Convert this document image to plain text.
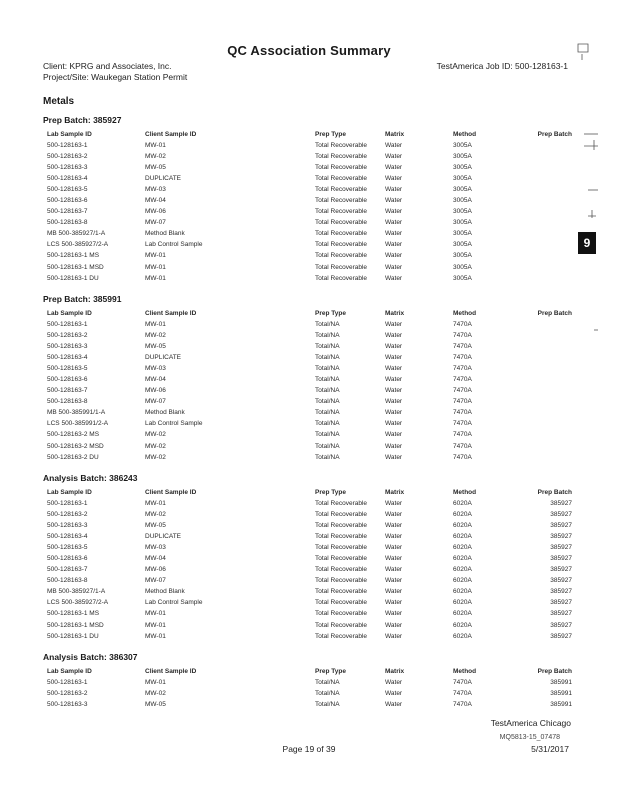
QC Association Summary
Client: KPRG and Associates, Inc.
Project/Site: Waukegan Station Permit
TestAmerica Job ID: 500-128163-1
Metals
Prep Batch: 385927
Lab Sample ID	Client Sample ID	Prep Type	Matrix	Method	Prep Batch
500-128163-1	MW-01	Total Recoverable	Water	3005A	
500-128163-2	MW-02	Total Recoverable	Water	3005A	
500-128163-3	MW-05	Total Recoverable	Water	3005A	
500-128163-4	DUPLICATE	Total Recoverable	Water	3005A	
500-128163-5	MW-03	Total Recoverable	Water	3005A	
500-128163-6	MW-04	Total Recoverable	Water	3005A	
500-128163-7	MW-06	Total Recoverable	Water	3005A	
500-128163-8	MW-07	Total Recoverable	Water	3005A	
MB 500-385927/1-A	Method Blank	Total Recoverable	Water	3005A	
LCS 500-385927/2-A	Lab Control Sample	Total Recoverable	Water	3005A	
500-128163-1 MS	MW-01	Total Recoverable	Water	3005A	
500-128163-1 MSD	MW-01	Total Recoverable	Water	3005A	
500-128163-1 DU	MW-01	Total Recoverable	Water	3005A	
Prep Batch: 385991
Lab Sample ID	Client Sample ID	Prep Type	Matrix	Method	Prep Batch
500-128163-1	MW-01	Total/NA	Water	7470A	
500-128163-2	MW-02	Total/NA	Water	7470A	
500-128163-3	MW-05	Total/NA	Water	7470A	
500-128163-4	DUPLICATE	Total/NA	Water	7470A	
500-128163-5	MW-03	Total/NA	Water	7470A	
500-128163-6	MW-04	Total/NA	Water	7470A	
500-128163-7	MW-06	Total/NA	Water	7470A	
500-128163-8	MW-07	Total/NA	Water	7470A	
MB 500-385991/1-A	Method Blank	Total/NA	Water	7470A	
LCS 500-385991/2-A	Lab Control Sample	Total/NA	Water	7470A	
500-128163-2 MS	MW-02	Total/NA	Water	7470A	
500-128163-2 MSD	MW-02	Total/NA	Water	7470A	
500-128163-2 DU	MW-02	Total/NA	Water	7470A	
Analysis Batch: 386243
Lab Sample ID	Client Sample ID	Prep Type	Matrix	Method	Prep Batch
500-128163-1	MW-01	Total Recoverable	Water	6020A	385927
500-128163-2	MW-02	Total Recoverable	Water	6020A	385927
500-128163-3	MW-05	Total Recoverable	Water	6020A	385927
500-128163-4	DUPLICATE	Total Recoverable	Water	6020A	385927
500-128163-5	MW-03	Total Recoverable	Water	6020A	385927
500-128163-6	MW-04	Total Recoverable	Water	6020A	385927
500-128163-7	MW-06	Total Recoverable	Water	6020A	385927
500-128163-8	MW-07	Total Recoverable	Water	6020A	385927
MB 500-385927/1-A	Method Blank	Total Recoverable	Water	6020A	385927
LCS 500-385927/2-A	Lab Control Sample	Total Recoverable	Water	6020A	385927
500-128163-1 MS	MW-01	Total Recoverable	Water	6020A	385927
500-128163-1 MSD	MW-01	Total Recoverable	Water	6020A	385927
500-128163-1 DU	MW-01	Total Recoverable	Water	6020A	385927
Analysis Batch: 386307
Lab Sample ID	Client Sample ID	Prep Type	Matrix	Method	Prep Batch
500-128163-1	MW-01	Total/NA	Water	7470A	385991
500-128163-2	MW-02	Total/NA	Water	7470A	385991
500-128163-3	MW-05	Total/NA	Water	7470A	385991
9
TestAmerica Chicago
Page 19 of 39
MQ5813-15_07478
5/31/2017
